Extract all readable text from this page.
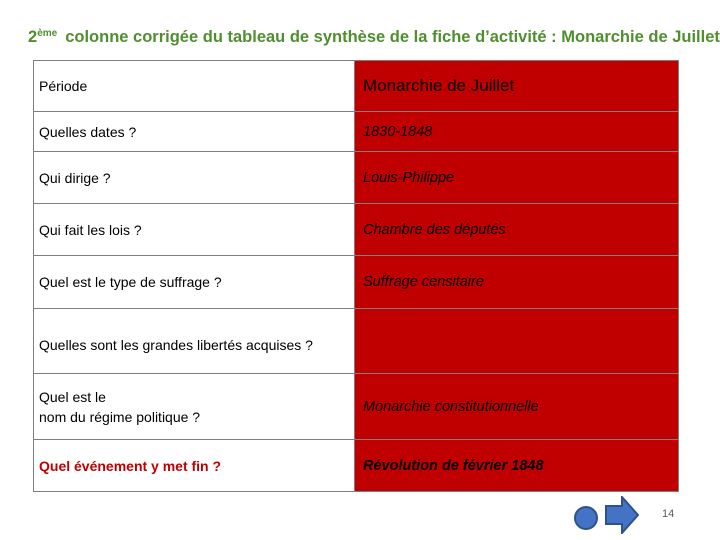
2ème colonne corrigée du tableau de synthèse de la fiche d’activité : Monarchie de Juillet
Période	Monarchie de Juillet
Quelles dates ?	1830-1848
Qui dirige ?	Louis-Philippe
Qui fait les lois ?	Chambre des députés
Quel est le type de suffrage ?	Suffrage censitaire
Quelles sont les grandes libertés acquises ?	

Quel est le
nom du régime politique ?	Monarchie constitutionnelle
Quel événement y met fin ?	Révolution de février 1848
14
